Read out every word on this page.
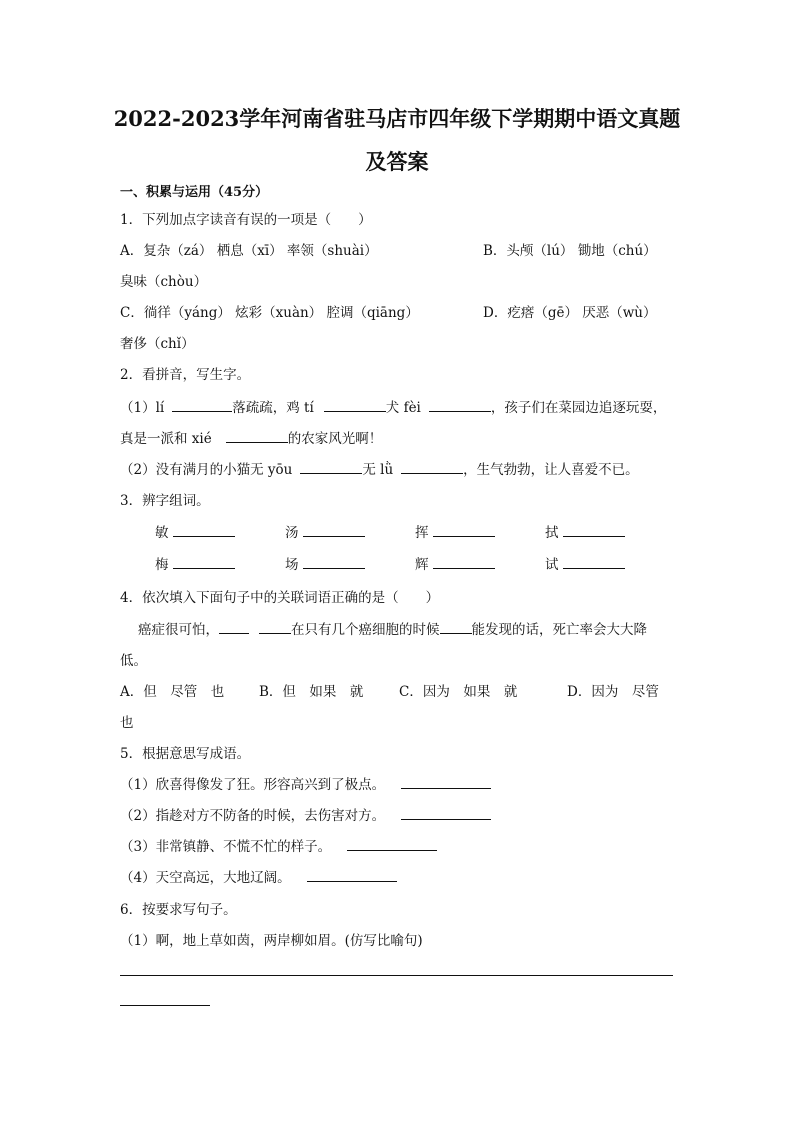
2022-2023学年河南省驻马店市四年级下学期期中语文真题
及答案
一、积累与运用（45分）
1．下列加点字读音有误的一项是（　　）
A．复杂（zá） 栖息（xī） 率领（shuài）	B．头颅（lú） 锄地（chú）
臭味（chòu）
C．徜徉（yáng） 炫彩（xuàn） 腔调（qiāng）	D．疙瘩（gē） 厌恶（wù）
奢侈（chǐ）
2．看拼音，写生字。
（1）lí	落疏疏，鸡 tí	犬 fèi	，孩子们在菜园边追逐玩耍，
真是一派和 xié	的农家风光啊！
（2）没有满月的小猫无 yōu	无 lǜ	，生气勃勃，让人喜爱不已。
3．辨字组词。
敏	汤	挥	拭
梅	场	辉	试
4．依次填入下面句子中的关联词语正确的是（　　）
癌症很可怕，	在只有几个癌细胞的时候 能发现的话，死亡率会大大降
低。
A．但　尽管　也	B．但　如果　就	C．因为　如果　就	D．因为　尽管
也
5．根据意思写成语。
（1）欣喜得像发了狂。形容高兴到了极点。
（2）指趁对方不防备的时候，去伤害对方。
（3）非常镇静、不慌不忙的样子。
（4）天空高远，大地辽阔。
6．按要求写句子。
（1）啊，地上草如茵，两岸柳如眉。(仿写比喻句)
